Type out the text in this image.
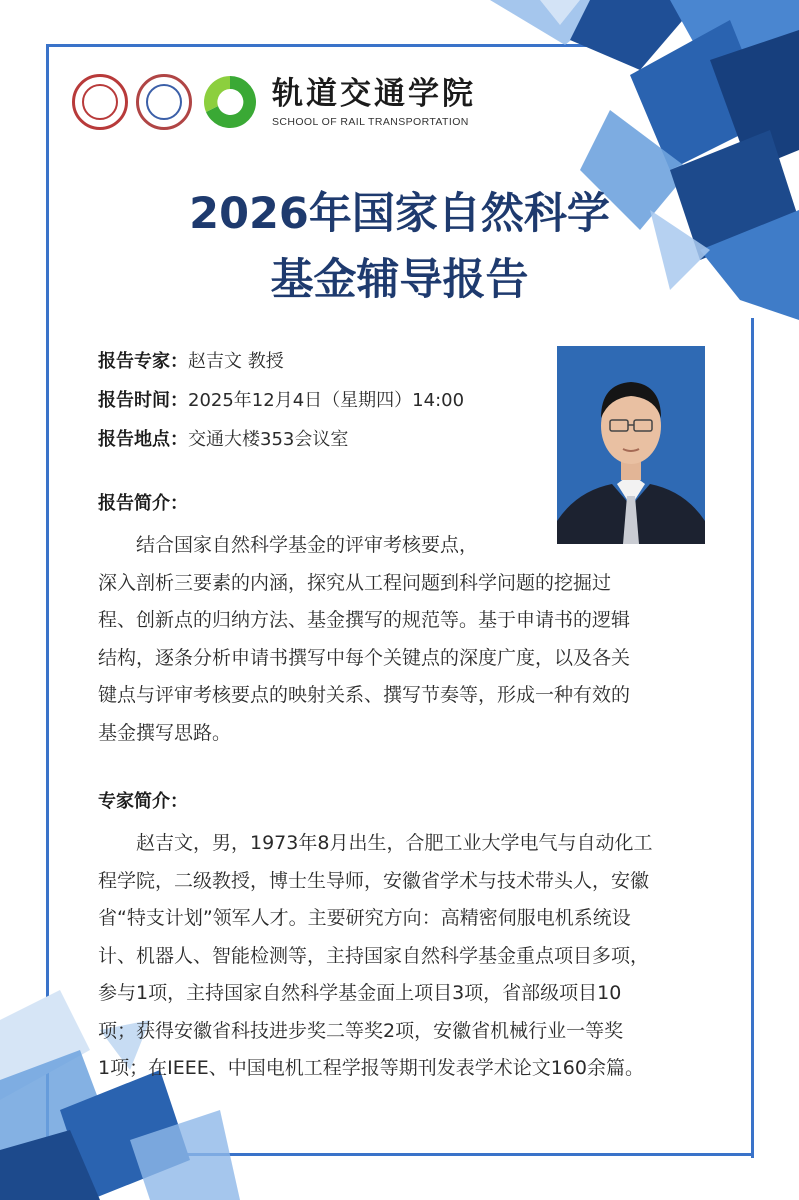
轨道交通学院
SCHOOL OF RAIL TRANSPORTATION
2026年国家自然科学
基金辅导报告
报告专家：赵吉文 教授
报告时间：2025年12月4日（星期四）14:00
报告地点：交通大楼353会议室
报告简介：
　　结合国家自然科学基金的评审考核要点，
深入剖析三要素的内涵，探究从工程问题到科学问题的挖掘过
程、创新点的归纳方法、基金撰写的规范等。基于申请书的逻辑
结构，逐条分析申请书撰写中每个关键点的深度广度，以及各关
键点与评审考核要点的映射关系、撰写节奏等，形成一种有效的
基金撰写思路。
专家简介：
　　赵吉文，男，1973年8月出生，合肥工业大学电气与自动化工
程学院，二级教授，博士生导师，安徽省学术与技术带头人，安徽
省“特支计划”领军人才。主要研究方向：高精密伺服电机系统设
计、机器人、智能检测等，主持国家自然科学基金重点项目多项，
参与1项，主持国家自然科学基金面上项目3项，省部级项目10
项；获得安徽省科技进步奖二等奖2项，安徽省机械行业一等奖
1项；在IEEE、中国电机工程学报等期刊发表学术论文160余篇。
